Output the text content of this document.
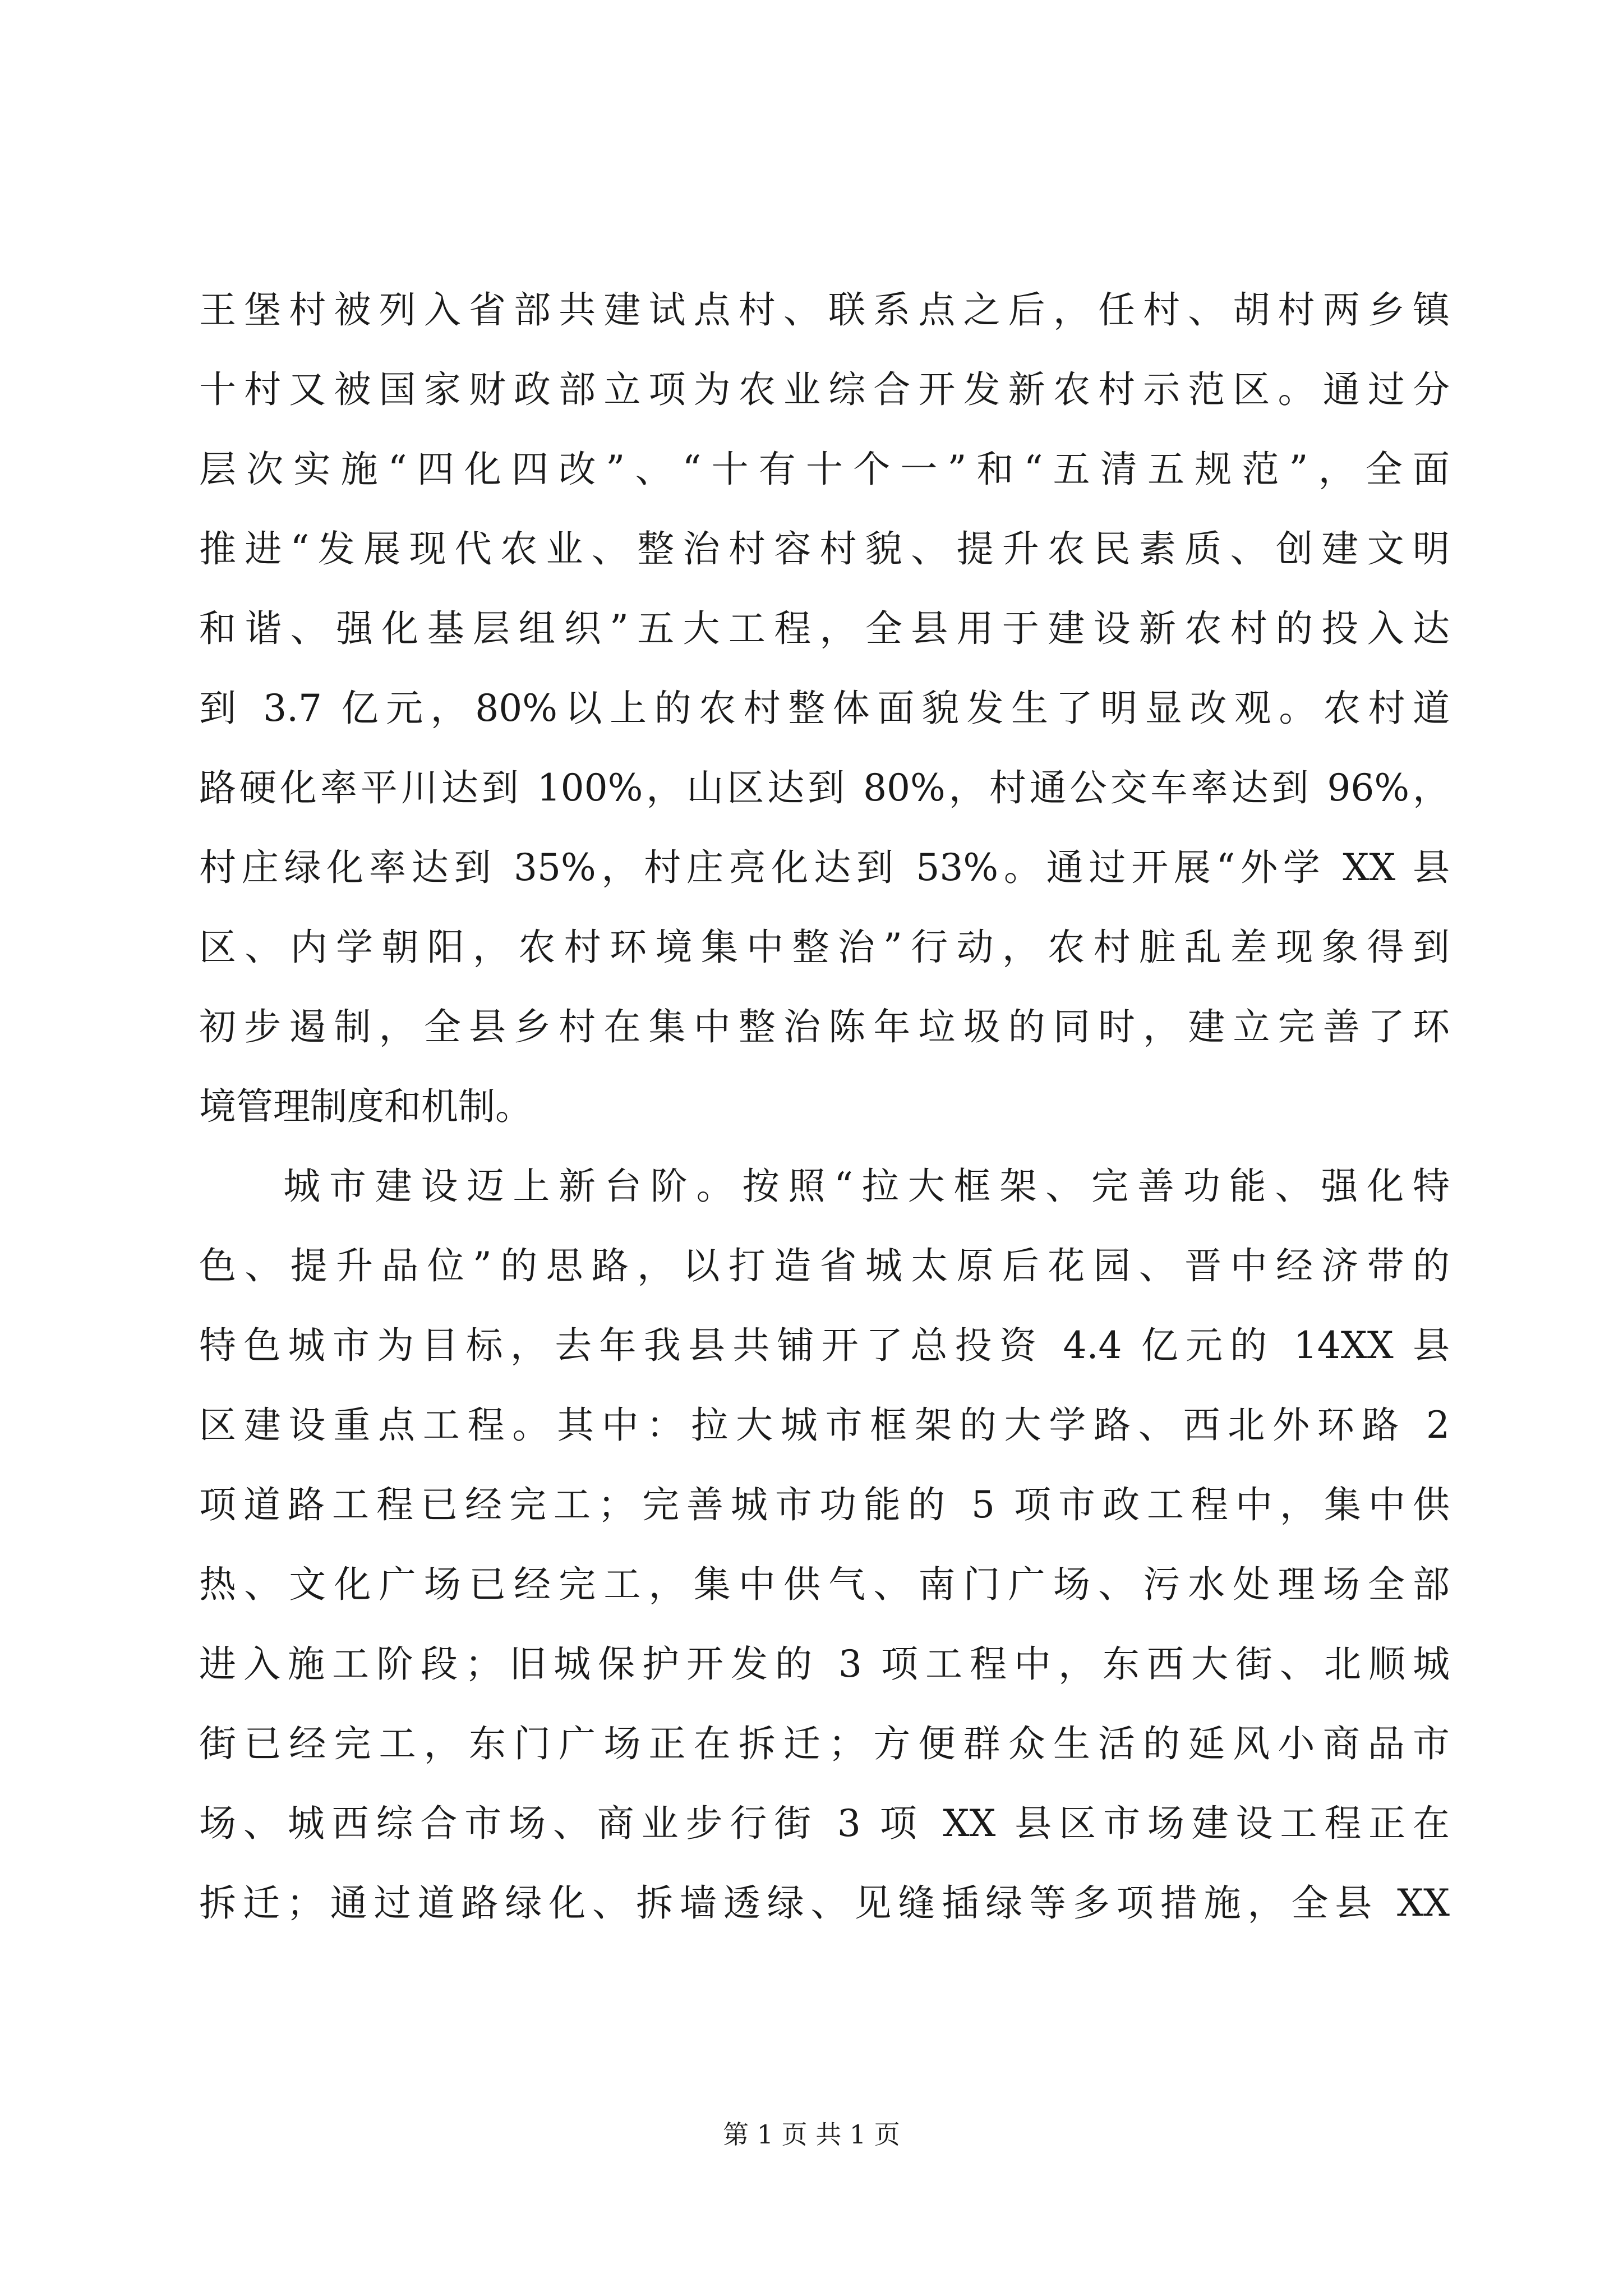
王堡村被列入省部共建试点村、联系点之后，任村、胡村两乡镇
十村又被国家财政部立项为农业综合开发新农村示范区。通过分
层次实施“四化四改”、“十有十个一”和“五清五规范”，全面
推进“发展现代农业、整治村容村貌、提升农民素质、创建文明
和谐、强化基层组织”五大工程，全县用于建设新农村的投入达
到 3.7 亿元，80%以上的农村整体面貌发生了明显改观。农村道
路硬化率平川达到 100%，山区达到 80%，村通公交车率达到 96%，
村庄绿化率达到 35%，村庄亮化达到 53%。通过开展“外学 XX 县
区、内学朝阳，农村环境集中整治”行动，农村脏乱差现象得到
初步遏制，全县乡村在集中整治陈年垃圾的同时，建立完善了环
境管理制度和机制。
城市建设迈上新台阶。按照“拉大框架、完善功能、强化特
色、提升品位”的思路，以打造省城太原后花园、晋中经济带的
特色城市为目标，去年我县共铺开了总投资 4.4 亿元的 14XX 县
区建设重点工程。其中：拉大城市框架的大学路、西北外环路 2
项道路工程已经完工；完善城市功能的 5 项市政工程中，集中供
热、文化广场已经完工，集中供气、南门广场、污水处理场全部
进入施工阶段；旧城保护开发的 3 项工程中，东西大街、北顺城
街已经完工，东门广场正在拆迁；方便群众生活的延风小商品市
场、城西综合市场、商业步行街 3 项 XX 县区市场建设工程正在
拆迁；通过道路绿化、拆墙透绿、见缝插绿等多项措施，全县 XX
第 1 页 共 1 页
